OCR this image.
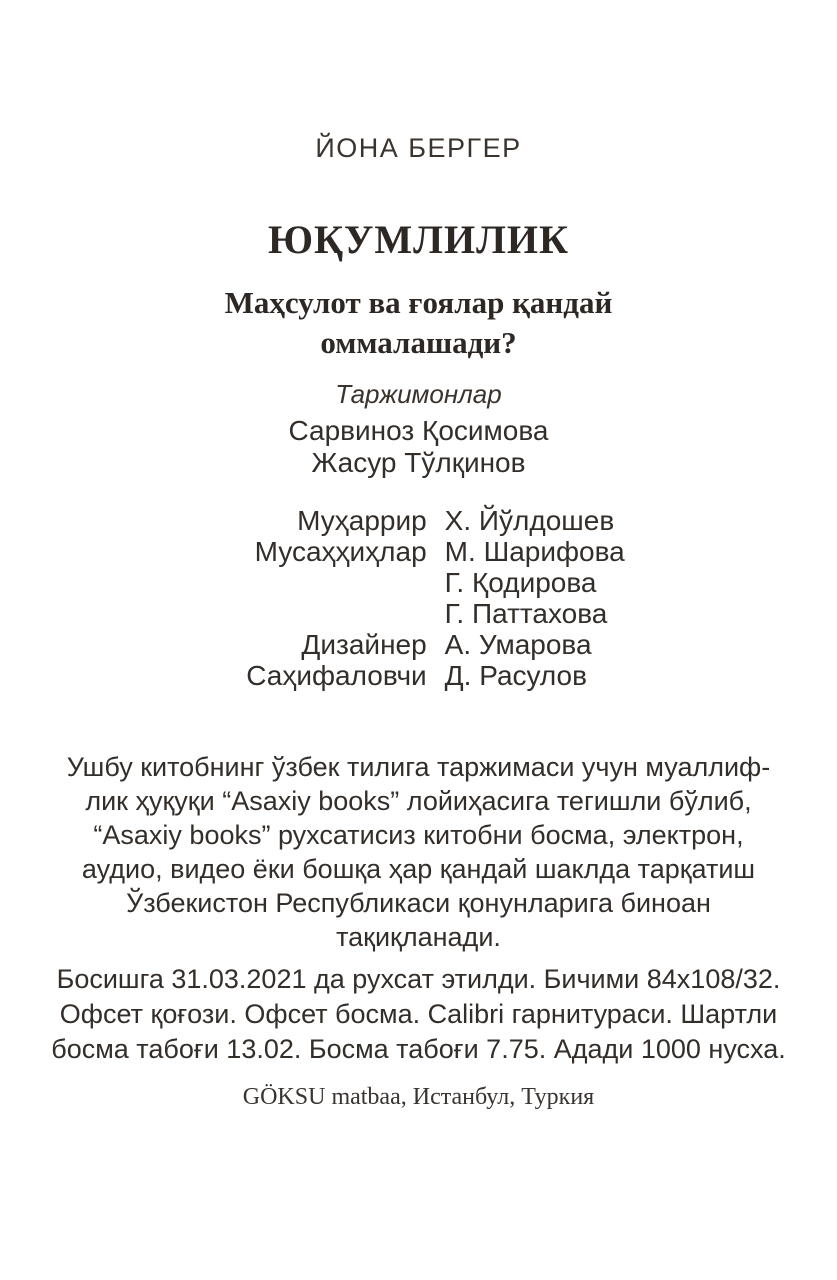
ЙОНА БЕРГЕР
ЮҚУМЛИЛИК
Маҳсулот ва ғоялар қандай
оммалашади?
Таржимонлар
Сарвиноз Қосимова
Жасур Тўлқинов
Муҳаррир Х. Йўлдошев
Мусаҳҳиҳлар М. Шарифова
Г. Қодирова
Г. Паттахова
Дизайнер А. Умарова
Саҳифаловчи Д. Расулов
Ушбу китобнинг ўзбек тилига таржимаси учун муаллиф-
лик ҳуқуқи “Asaxiy books” лойиҳасига тегишли бўлиб,
“Asaxiy books” рухсатисиз китобни босма, электрон,
аудио, видео ёки бошқа ҳар қандай шаклда тарқатиш
Ўзбекистон Республикаси қонунларига биноан
тақиқланади.
Босишга 31.03.2021 да рухсат этилди. Бичими 84х108/32.
Офсет қоғози. Офсет босма. Calibri гарнитураси. Шартли
босма табоғи 13.02. Босма табоғи 7.75. Адади 1000 нусха.
GÖKSU matbaa, Истанбул, Туркия
